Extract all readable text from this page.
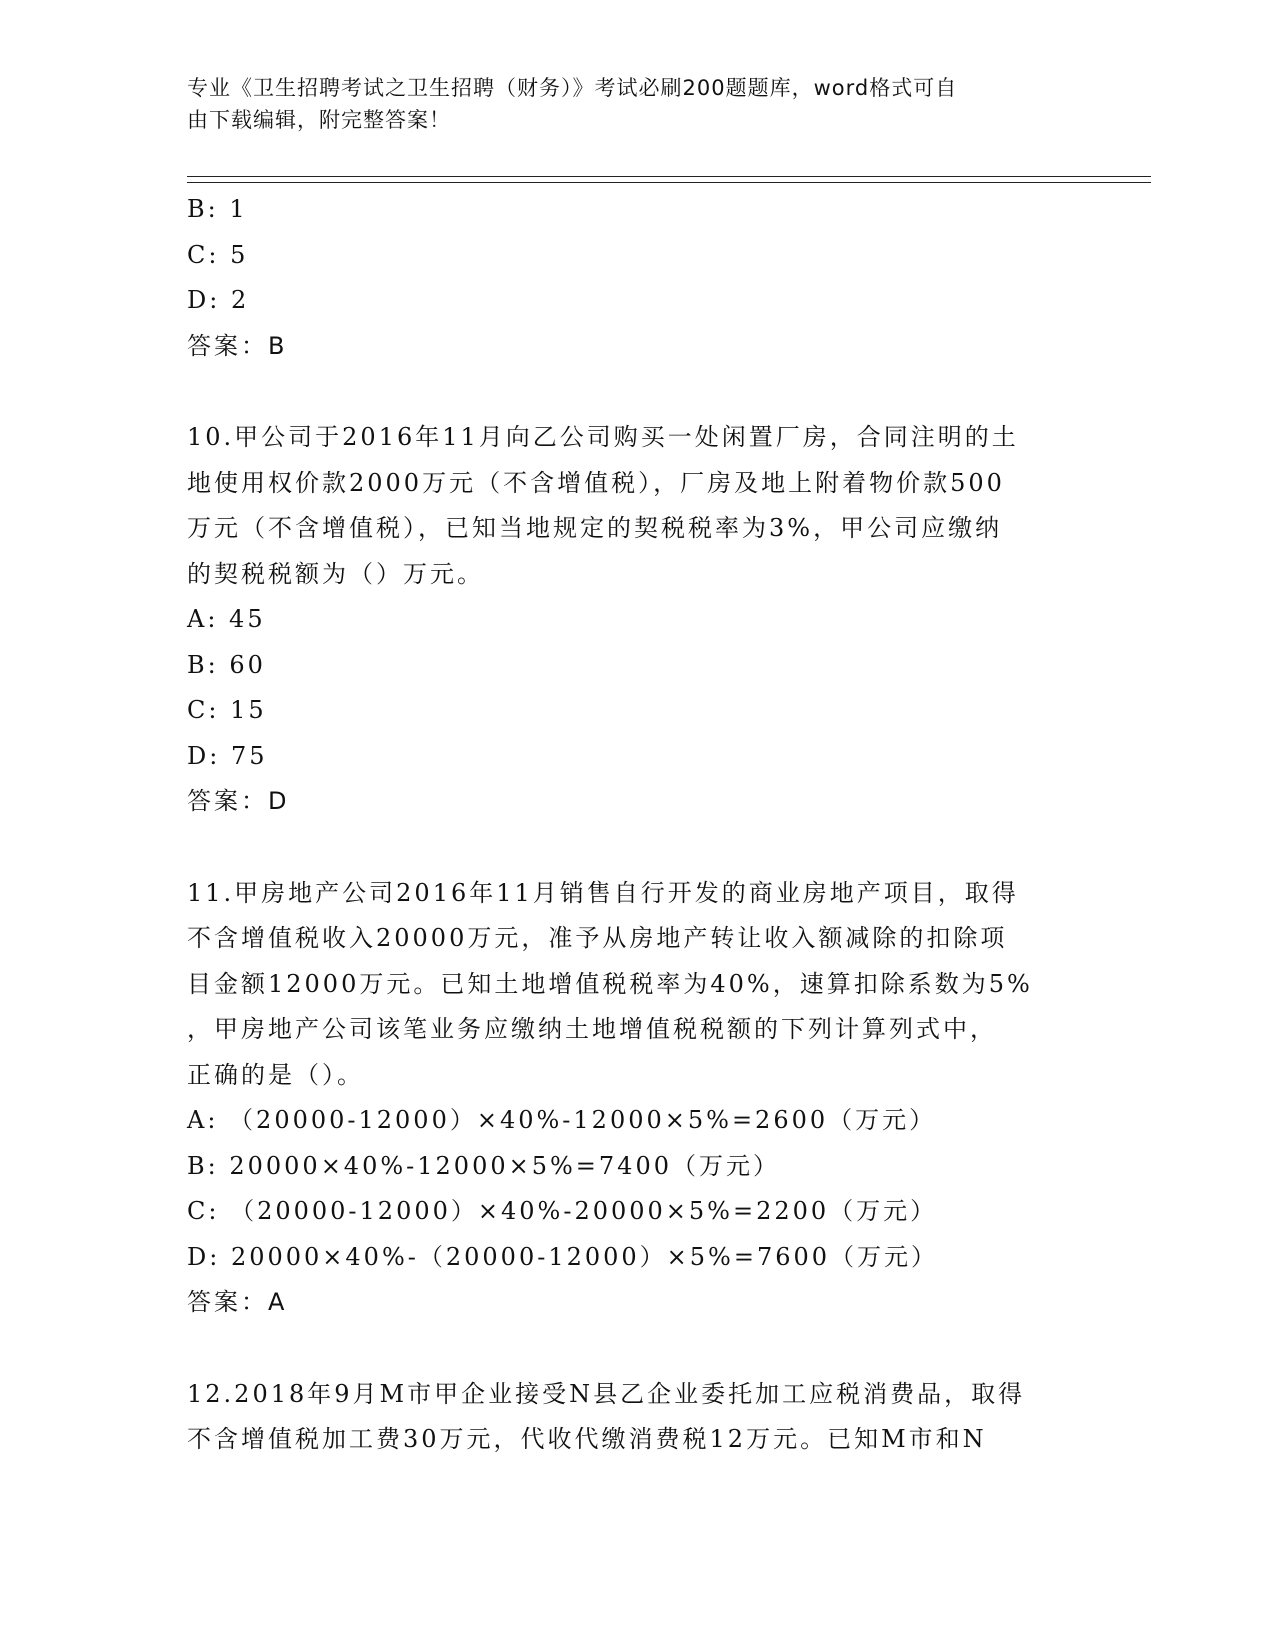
专业《卫生招聘考试之卫生招聘（财务）》考试必刷200题题库，word格式可自
由下载编辑，附完整答案！
B: 1
C: 5
D: 2
答案：B
10.甲公司于2016年11月向乙公司购买一处闲置厂房，合同注明的土
地使用权价款2000万元（不含增值税），厂房及地上附着物价款500
万元（不含增值税），已知当地规定的契税税率为3%，甲公司应缴纳
的契税税额为（）万元。
A: 45
B: 60
C: 15
D: 75
答案：D
11.甲房地产公司2016年11月销售自行开发的商业房地产项目，取得
不含增值税收入20000万元，准予从房地产转让收入额减除的扣除项
目金额12000万元。已知土地增值税税率为40%，速算扣除系数为5%
，甲房地产公司该笔业务应缴纳土地增值税税额的下列计算列式中，
正确的是（）。
A: （20000-12000）×40%-12000×5%=2600（万元）
B: 20000×40%-12000×5%=7400（万元）
C: （20000-12000）×40%-20000×5%=2200（万元）
D: 20000×40%-（20000-12000）×5%=7600（万元）
答案：A
12.2018年9月M市甲企业接受N县乙企业委托加工应税消费品，取得
不含增值税加工费30万元，代收代缴消费税12万元。已知M市和N
